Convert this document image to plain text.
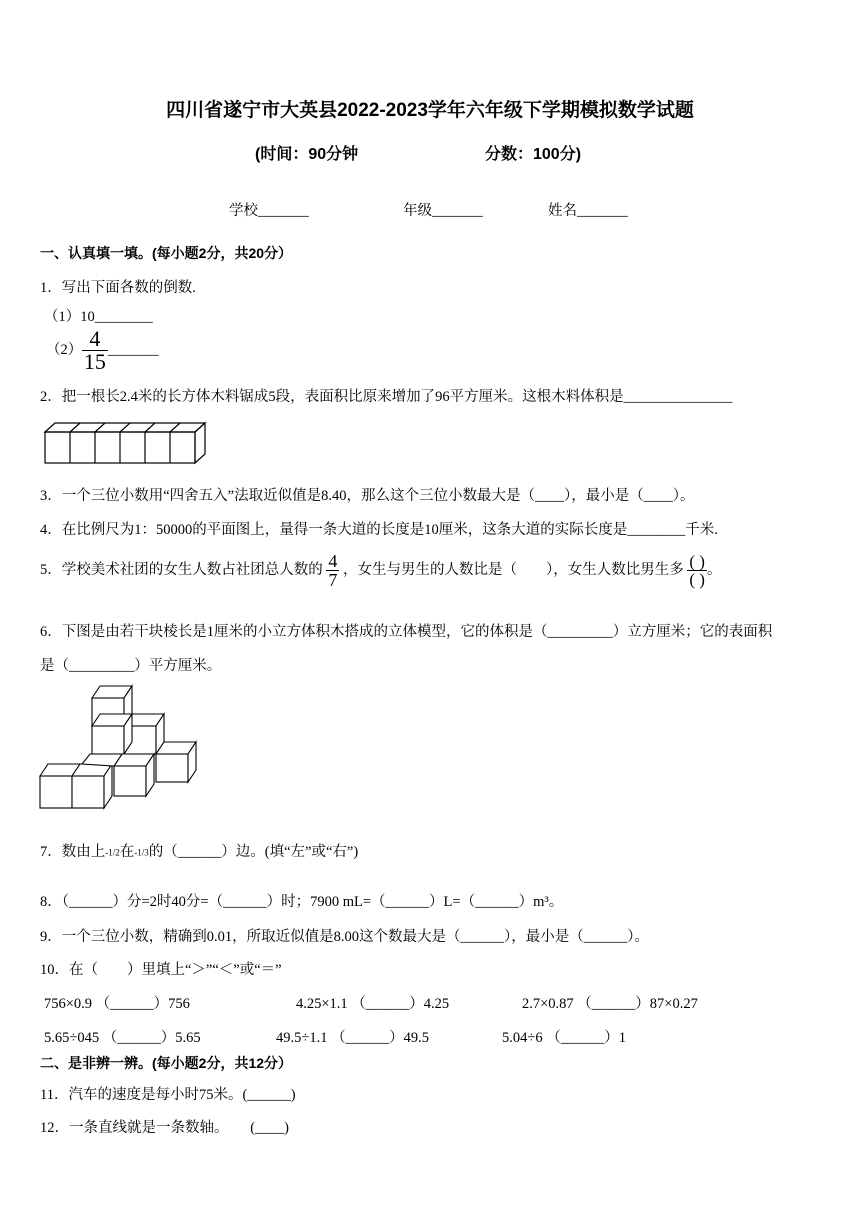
四川省遂宁市大英县2022-2023学年六年级下学期模拟数学试题
(时间：90分钟	分数：100分)
学校_______	年级_______	姓名_______
一、认真填一填。(每小题2分，共20分）
1．写出下面各数的倒数.
（1）10________
$(2) \frac{4}{15}$ _______
2．把一根长2.4米的长方体木料锯成5段，表面积比原来增加了96平方厘米。这根木料体积是_______________
3．一个三位小数用“四舍五入”法取近似值是8.40，那么这个三位小数最大是（____），最小是（____）。
4．在比例尺为1：50000的平面图上，量得一条大道的长度是10厘米，这条大道的实际长度是________千米.
5．学校美术社团的女生人数占社团总人数的 $\frac{4}{7}$ ，女生与男生的人数比是（　　），女生人数比男生多 $\frac{( )}{( )}$ 。
6．下图是由若干块棱长是1厘米的小立方体积木搭成的立体模型，它的体积是（_________）立方厘米；它的表面积
是（_________）平方厘米。
7．数由上-1/2在-1/3的（______）边。(填“左”或“右”)
8．（______）分=2时40分=（______）时；7900 mL=（______）L=（______）m³。
9．一个三位小数，精确到0.01，所取近似值是8.00这个数最大是（______），最小是（______）。
10．在（　　）里填上“＞”“＜”或“＝”
756×0.9 （______）756	4.25×1.1 （______）4.25	2.7×0.87 （______）87×0.27
5.65÷045 （______）5.65	49.5÷1.1 （______）49.5	5.04÷6 （______）1
二、是非辨一辨。(每小题2分，共12分）
11．汽车的速度是每小时75米。(______)
12．一条直线就是一条数轴。　　(____)
